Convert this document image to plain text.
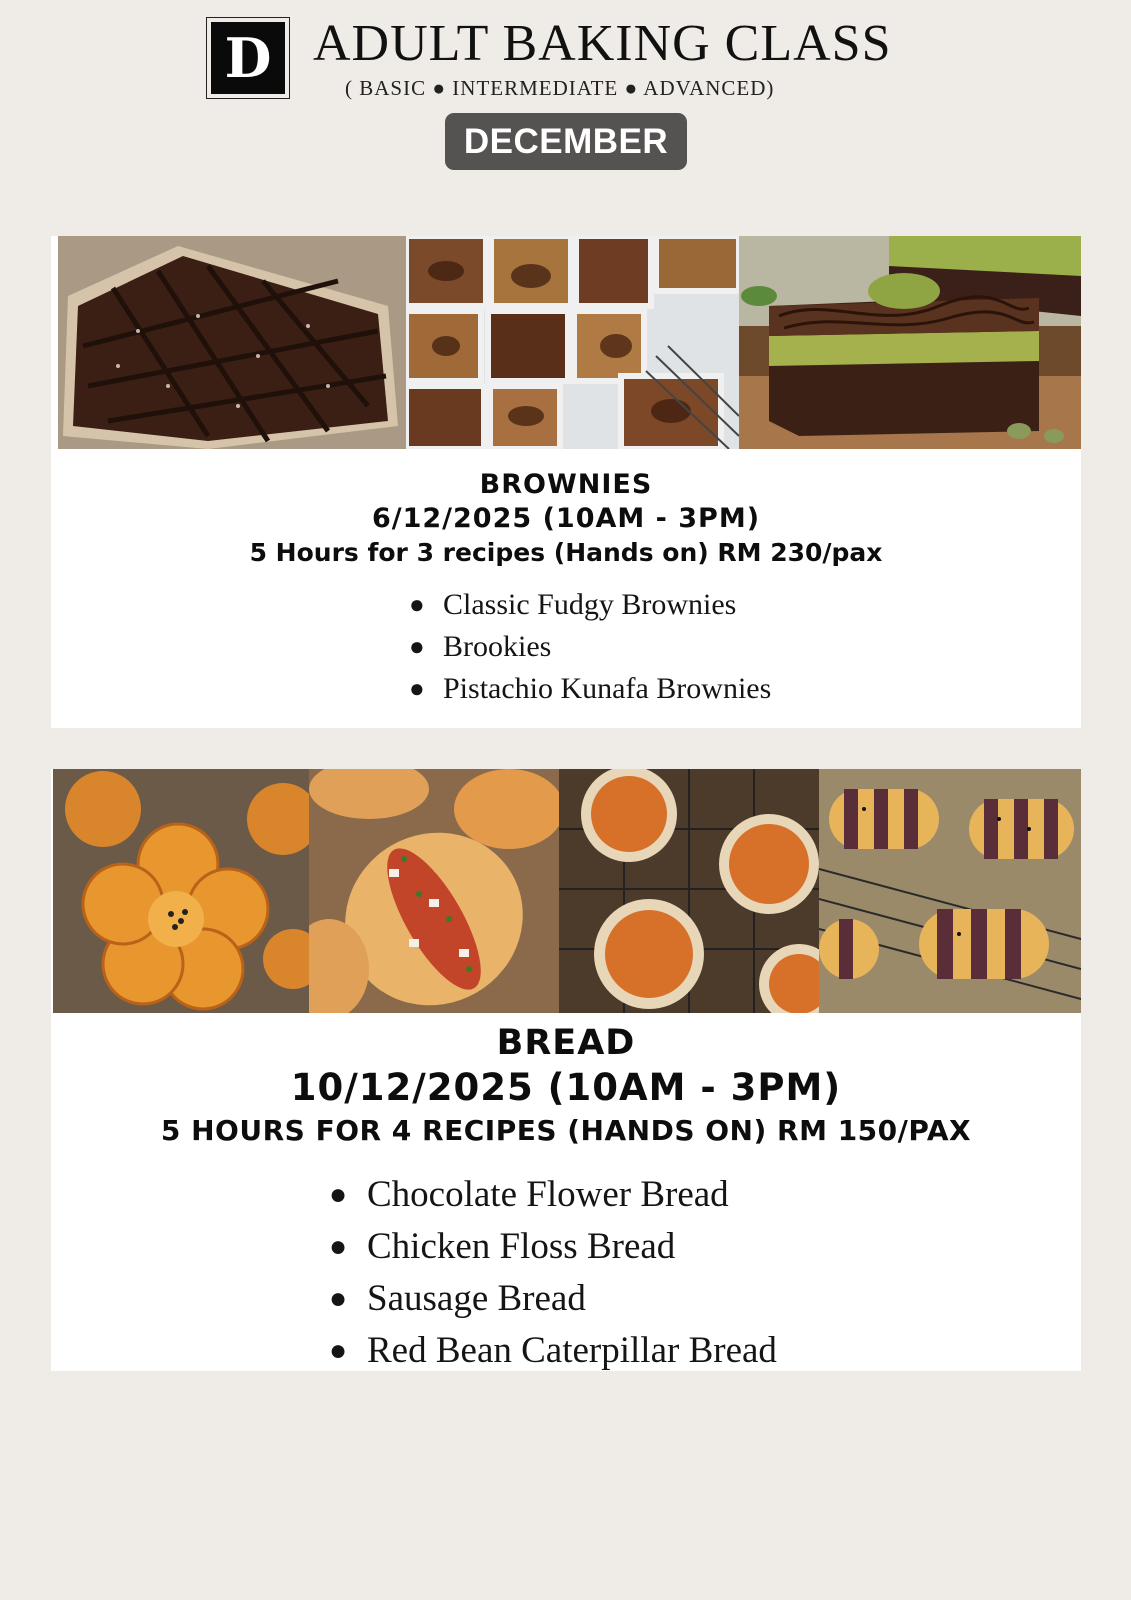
D ADULT BAKING CLASS
( BASIC ● INTERMEDIATE ● ADVANCED)
DECEMBER

BROWNIES

6/12/2025 (10AM - 3PM)

5 Hours for 3 recipes (Hands on) RM 230/pax

● Classic Fudgy Brownies
● Brookies
● Pistachio Kunafa Brownies

BREAD

10/12/2025 (10AM - 3PM)

5 HOURS FOR 4 RECIPES (HANDS ON) RM 150/PAX

● Chocolate Flower Bread
● Chicken Floss Bread
● Sausage Bread
● Red Bean Caterpillar Bread
